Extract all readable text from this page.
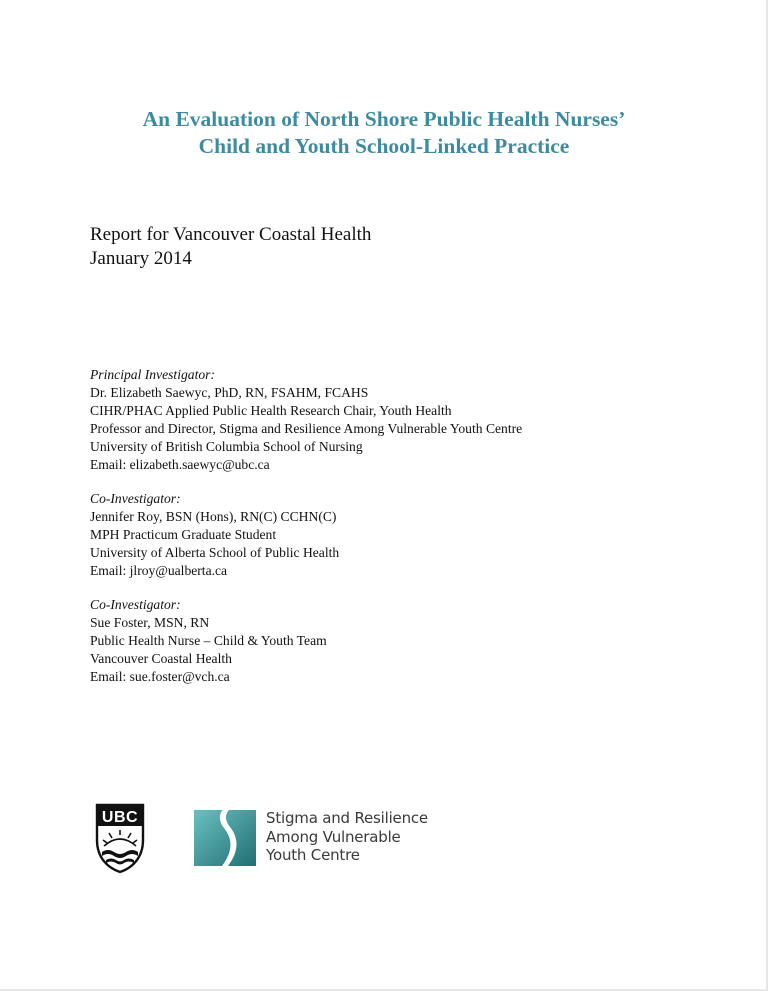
An Evaluation of North Shore Public Health Nurses’
Child and Youth School-Linked Practice
Report for Vancouver Coastal Health
January 2014
Principal Investigator:
Dr. Elizabeth Saewyc, PhD, RN, FSAHM, FCAHS
CIHR/PHAC Applied Public Health Research Chair, Youth Health
Professor and Director, Stigma and Resilience Among Vulnerable Youth Centre
University of British Columbia School of Nursing
Email: elizabeth.saewyc@ubc.ca
Co-Investigator:
Jennifer Roy, BSN (Hons), RN(C) CCHN(C)
MPH Practicum Graduate Student
University of Alberta School of Public Health
Email: jlroy@ualberta.ca
Co-Investigator:
Sue Foster, MSN, RN
Public Health Nurse – Child & Youth Team
Vancouver Coastal Health
Email: sue.foster@vch.ca
UBC	Stigma and Resilience
Among Vulnerable
Youth Centre
